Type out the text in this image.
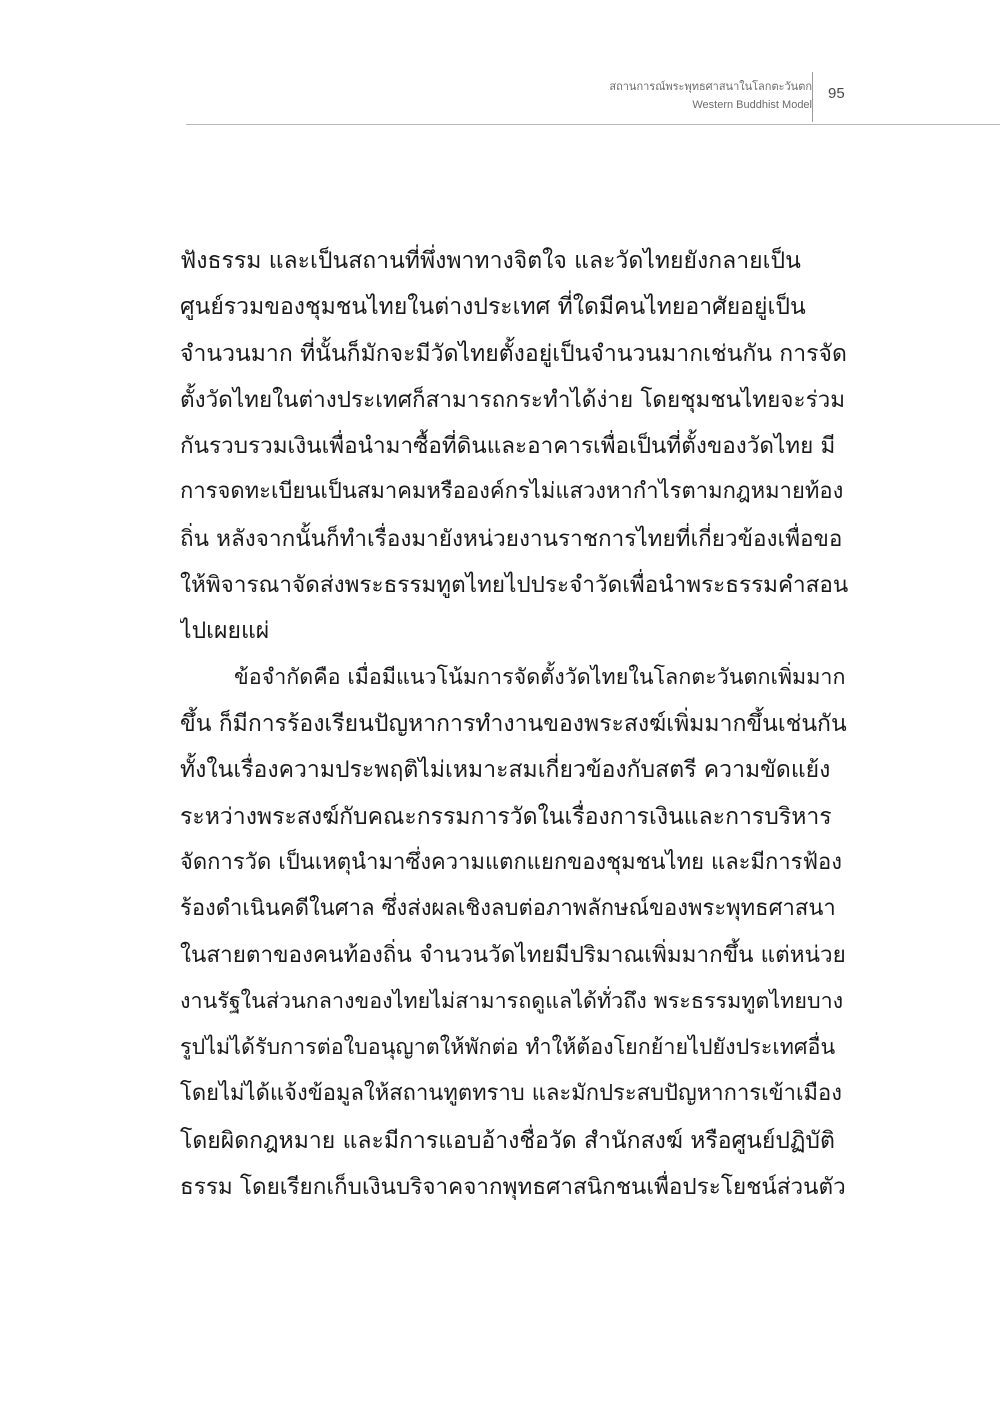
สถานการณ์พระพุทธศาสนาในโลกตะวันตก
Western Buddhist Model
95
ฟังธรรม และเป็นสถานที่พึ่งพาทางจิตใจ และวัดไทยยังกลายเป็น
ศูนย์รวมของชุมชนไทยในต่างประเทศ ที่ใดมีคนไทยอาศัยอยู่เป็น
จำนวนมาก ที่นั้นก็มักจะมีวัดไทยตั้งอยู่เป็นจำนวนมากเช่นกัน การจัด
ตั้งวัดไทยในต่างประเทศก็สามารถกระทำได้ง่าย โดยชุมชนไทยจะร่วม
กันรวบรวมเงินเพื่อนำมาซื้อที่ดินและอาคารเพื่อเป็นที่ตั้งของวัดไทย มี
การจดทะเบียนเป็นสมาคมหรือองค์กรไม่แสวงหากำไรตามกฎหมายท้อง
ถิ่น หลังจากนั้นก็ทำเรื่องมายังหน่วยงานราชการไทยที่เกี่ยวข้องเพื่อขอ
ให้พิจารณาจัดส่งพระธรรมทูตไทยไปประจำวัดเพื่อนำพระธรรมคำสอน
ไปเผยแผ่
ข้อจำกัดคือ เมื่อมีแนวโน้มการจัดตั้งวัดไทยในโลกตะวันตกเพิ่มมาก
ขึ้น ก็มีการร้องเรียนปัญหาการทำงานของพระสงฆ์เพิ่มมากขึ้นเช่นกัน
ทั้งในเรื่องความประพฤติไม่เหมาะสมเกี่ยวข้องกับสตรี ความขัดแย้ง
ระหว่างพระสงฆ์กับคณะกรรมการวัดในเรื่องการเงินและการบริหาร
จัดการวัด เป็นเหตุนำมาซึ่งความแตกแยกของชุมชนไทย และมีการฟ้อง
ร้องดำเนินคดีในศาล ซึ่งส่งผลเชิงลบต่อภาพลักษณ์ของพระพุทธศาสนา
ในสายตาของคนท้องถิ่น จำนวนวัดไทยมีปริมาณเพิ่มมากขึ้น แต่หน่วย
งานรัฐในส่วนกลางของไทยไม่สามารถดูแลได้ทั่วถึง พระธรรมทูตไทยบาง
รูปไม่ได้รับการต่อใบอนุญาตให้พักต่อ ทำให้ต้องโยกย้ายไปยังประเทศอื่น
โดยไม่ได้แจ้งข้อมูลให้สถานทูตทราบ และมักประสบปัญหาการเข้าเมือง
โดยผิดกฎหมาย และมีการแอบอ้างชื่อวัด สำนักสงฆ์ หรือศูนย์ปฏิบัติ
ธรรม โดยเรียกเก็บเงินบริจาคจากพุทธศาสนิกชนเพื่อประโยชน์ส่วนตัว
